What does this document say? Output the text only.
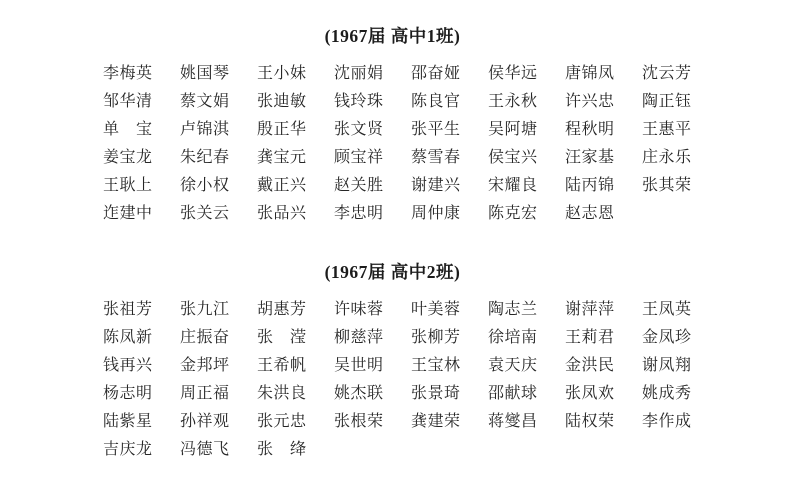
(1967届 高中1班)
李梅英	姚国琴	王小妹	沈丽娟	邵奋娅	侯华远	唐锦凤	沈云芳
邹华清	蔡文娟	张迪敏	钱玲珠	陈良官	王永秋	许兴忠	陶正钰
单　宝	卢锦淇	殷正华	张文贤	张平生	吴阿塘	程秋明	王惠平
姜宝龙	朱纪春	龚宝元	顾宝祥	蔡雪春	侯宝兴	汪家基	庄永乐
王耿上	徐小权	戴正兴	赵关胜	谢建兴	宋耀良	陆丙锦	张其荣
迮建中	张关云	张品兴	李忠明	周仲康	陈克宏	赵志恩
(1967届 高中2班)
张祖芳	张九江	胡惠芳	许味蓉	叶美蓉	陶志兰	谢萍萍	王凤英
陈凤新	庄振奋	张　滢	柳慈萍	张柳芳	徐培南	王莉君	金凤珍
钱再兴	金邦坪	王希帆	吴世明	王宝林	袁天庆	金洪民	谢凤翔
杨志明	周正福	朱洪良	姚杰联	张景琦	邵献球	张凤欢	姚成秀
陆紫星	孙祥观	张元忠	张根荣	龚建荣	蒋燮昌	陆权荣	李作成
吉庆龙	冯德飞	张　绛
